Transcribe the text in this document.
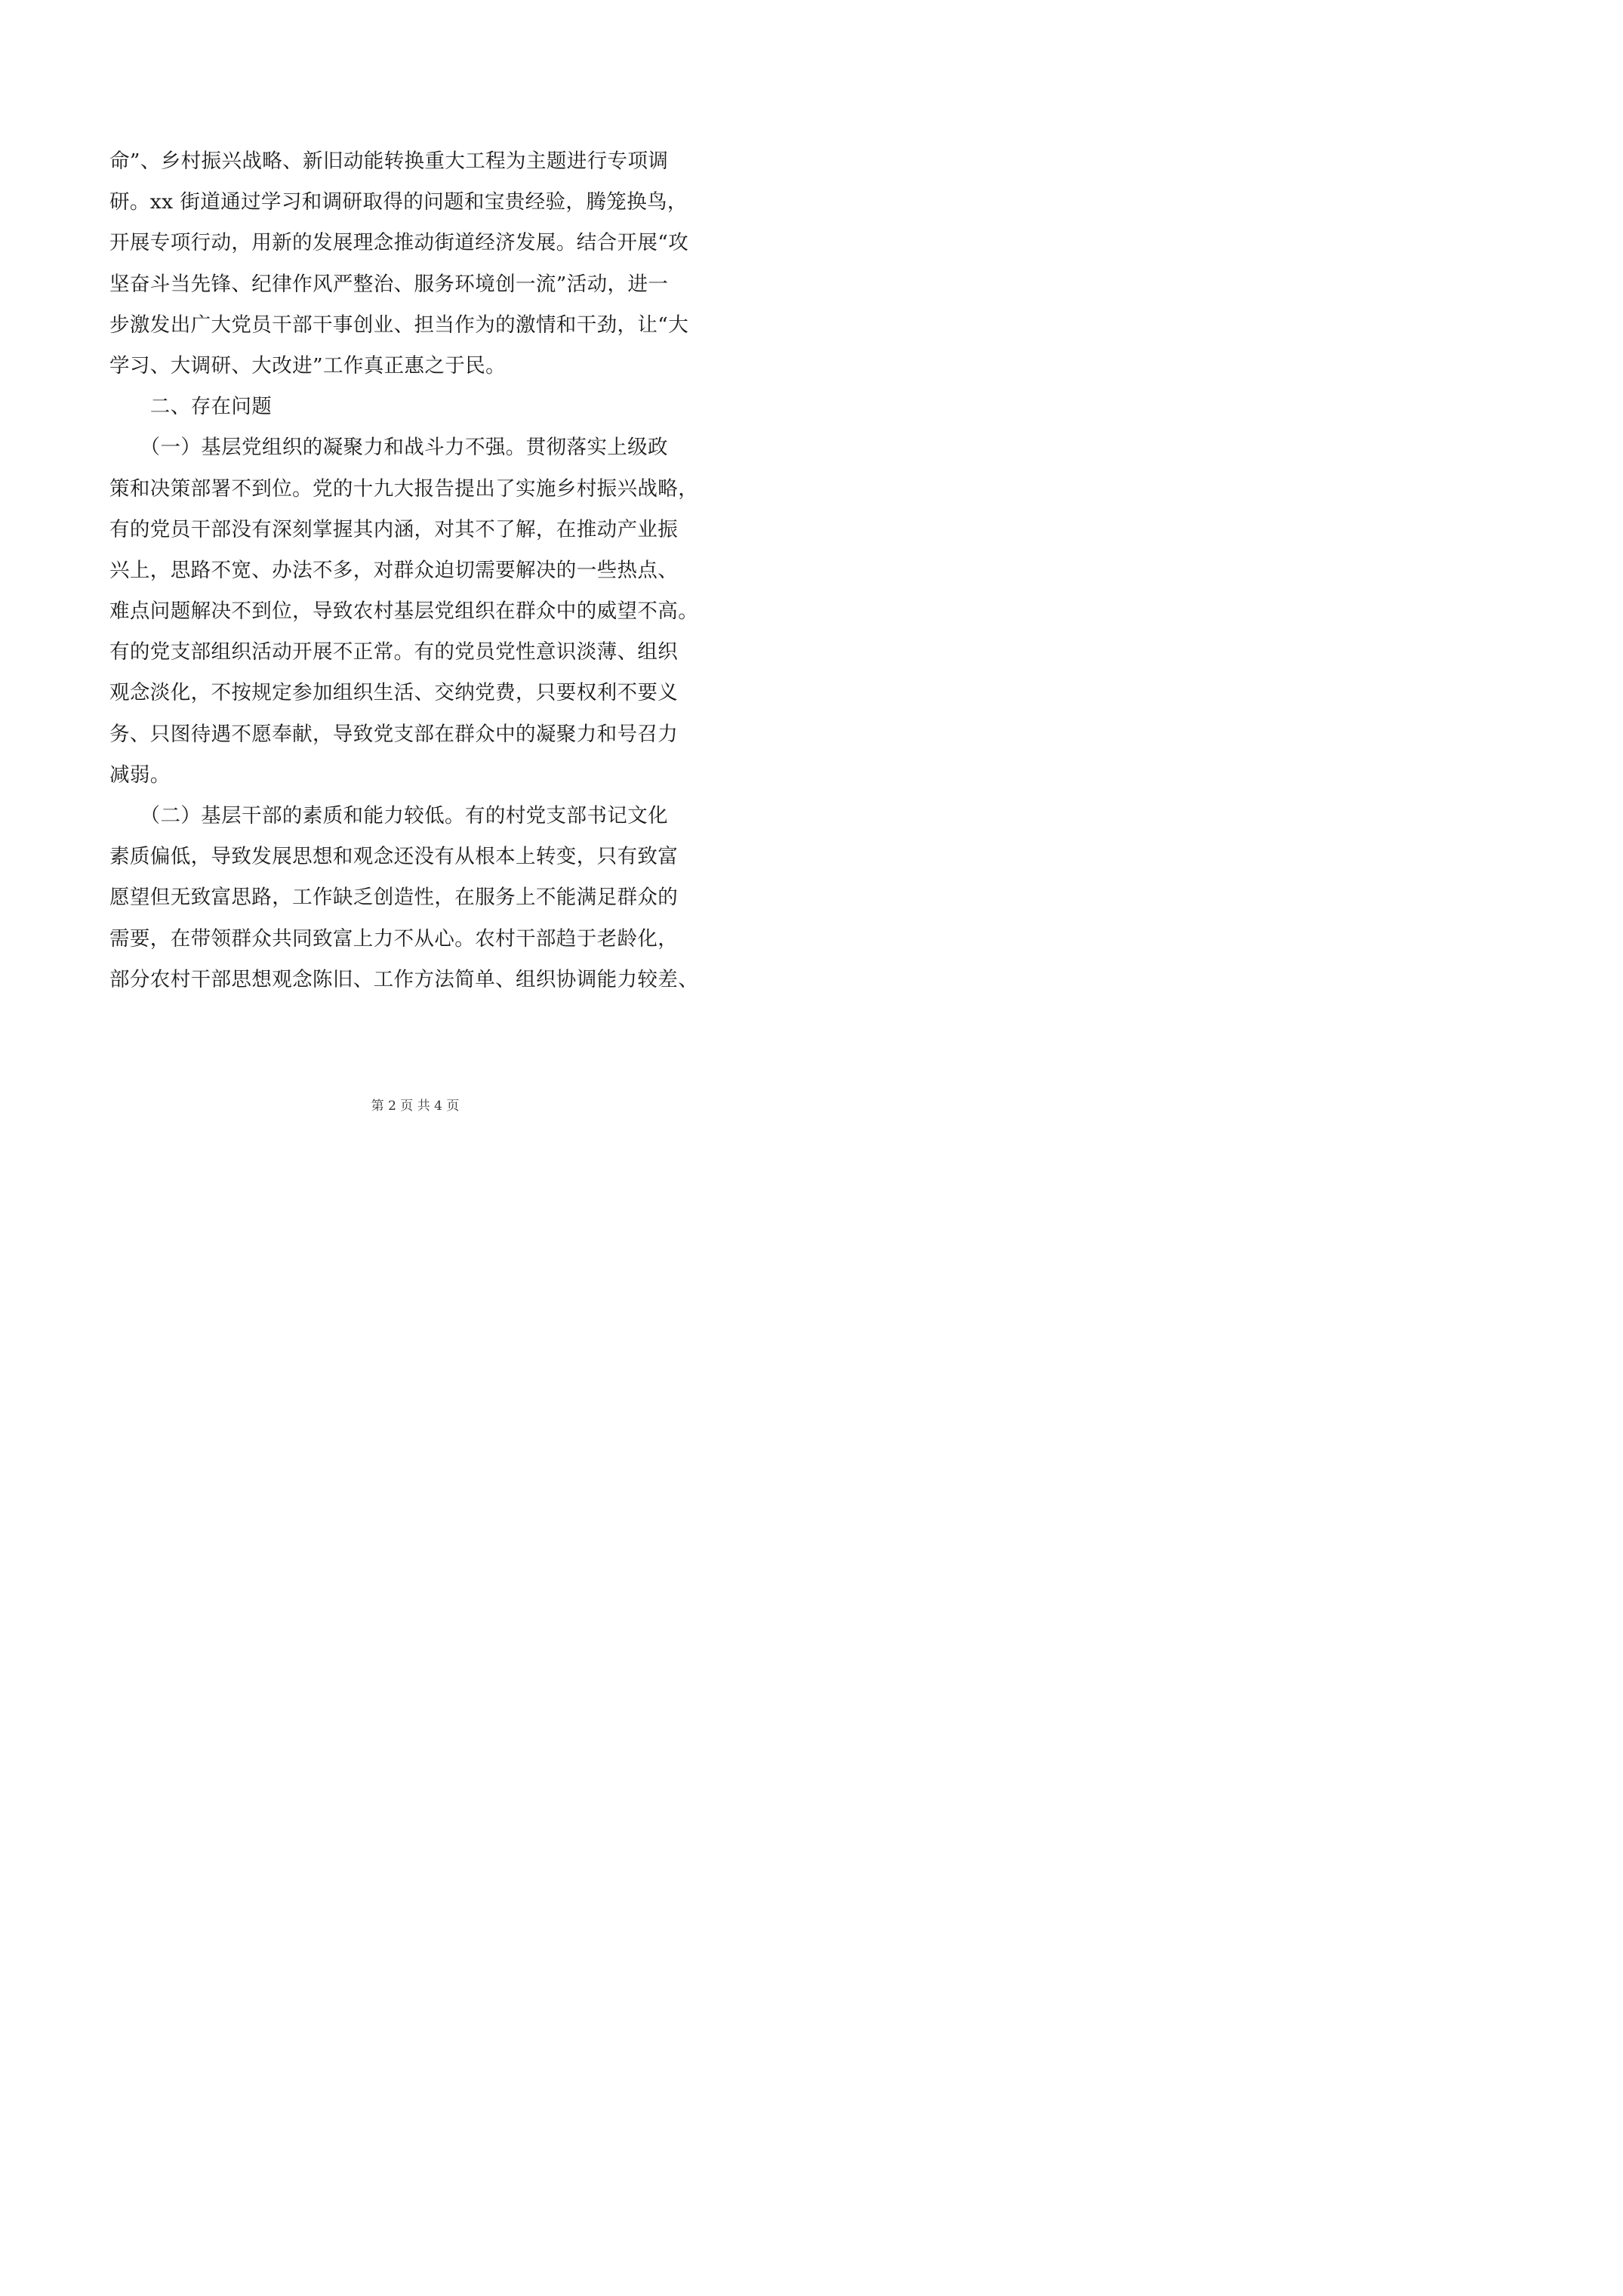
命”、乡村振兴战略、新旧动能转换重大工程为主题进行专项调
研。xx 街道通过学习和调研取得的问题和宝贵经验，腾笼换鸟，
开展专项行动，用新的发展理念推动街道经济发展。结合开展“攻
坚奋斗当先锋、纪律作风严整治、服务环境创一流”活动，进一
步激发出广大党员干部干事创业、担当作为的激情和干劲，让“大
学习、大调研、大改进”工作真正惠之于民。
　　二、存在问题
　　（一）基层党组织的凝聚力和战斗力不强。贯彻落实上级政
策和决策部署不到位。党的十九大报告提出了实施乡村振兴战略，
有的党员干部没有深刻掌握其内涵，对其不了解，在推动产业振
兴上，思路不宽、办法不多，对群众迫切需要解决的一些热点、
难点问题解决不到位，导致农村基层党组织在群众中的威望不高。
有的党支部组织活动开展不正常。有的党员党性意识淡薄、组织
观念淡化，不按规定参加组织生活、交纳党费，只要权利不要义
务、只图待遇不愿奉献，导致党支部在群众中的凝聚力和号召力
减弱。
　　（二）基层干部的素质和能力较低。有的村党支部书记文化
素质偏低，导致发展思想和观念还没有从根本上转变，只有致富
愿望但无致富思路，工作缺乏创造性，在服务上不能满足群众的
需要，在带领群众共同致富上力不从心。农村干部趋于老龄化，
部分农村干部思想观念陈旧、工作方法简单、组织协调能力较差、
第 2 页 共 4 页
